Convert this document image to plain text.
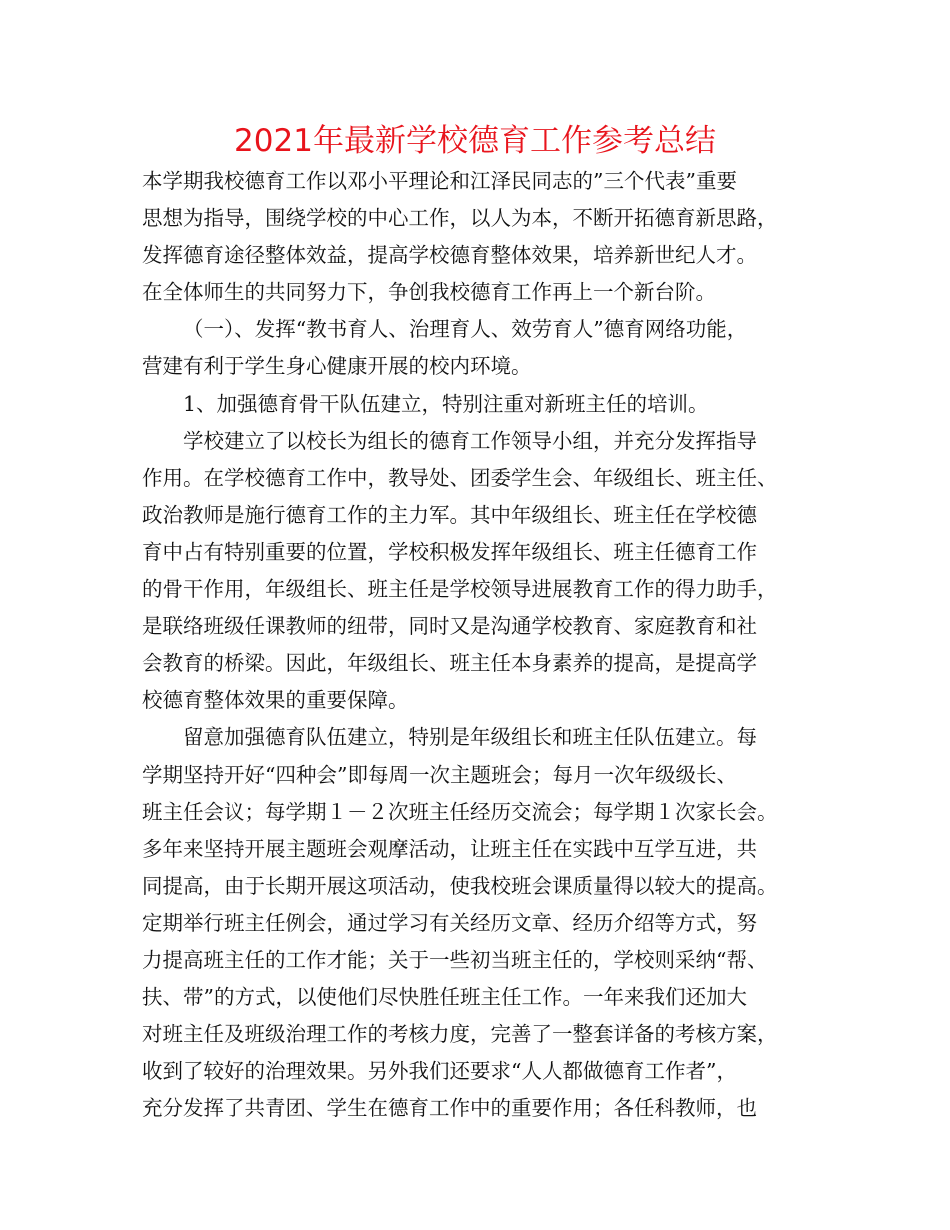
2021年最新学校德育工作参考总结
本学期我校德育工作以邓小平理论和江泽民同志的”三个代表”重要
思想为指导，围绕学校的中心工作，以人为本，不断开拓德育新思路，
发挥德育途径整体效益，提高学校德育整体效果，培养新世纪人才。
在全体师生的共同努力下，争创我校德育工作再上一个新台阶。
（一）、发挥“教书育人、治理育人、效劳育人”德育网络功能，
营建有利于学生身心健康开展的校内环境。
1、加强德育骨干队伍建立，特别注重对新班主任的培训。
学校建立了以校长为组长的德育工作领导小组，并充分发挥指导
作用。在学校德育工作中，教导处、团委学生会、年级组长、班主任、
政治教师是施行德育工作的主力军。其中年级组长、班主任在学校德
育中占有特别重要的位置，学校积极发挥年级组长、班主任德育工作
的骨干作用，年级组长、班主任是学校领导进展教育工作的得力助手，
是联络班级任课教师的纽带，同时又是沟通学校教育、家庭教育和社
会教育的桥梁。因此，年级组长、班主任本身素养的提高，是提高学
校德育整体效果的重要保障。
留意加强德育队伍建立，特别是年级组长和班主任队伍建立。每
学期坚持开好“四种会”即每周一次主题班会；每月一次年级级长、
班主任会议；每学期１－２次班主任经历交流会；每学期１次家长会。
多年来坚持开展主题班会观摩活动，让班主任在实践中互学互进，共
同提高，由于长期开展这项活动，使我校班会课质量得以较大的提高。
定期举行班主任例会，通过学习有关经历文章、经历介绍等方式，努
力提高班主任的工作才能；关于一些初当班主任的，学校则采纳“帮、
扶、带”的方式，以使他们尽快胜任班主任工作。一年来我们还加大
对班主任及班级治理工作的考核力度，完善了一整套详备的考核方案，
收到了较好的治理效果。另外我们还要求“人人都做德育工作者”，
充分发挥了共青团、学生在德育工作中的重要作用；各任科教师，也
